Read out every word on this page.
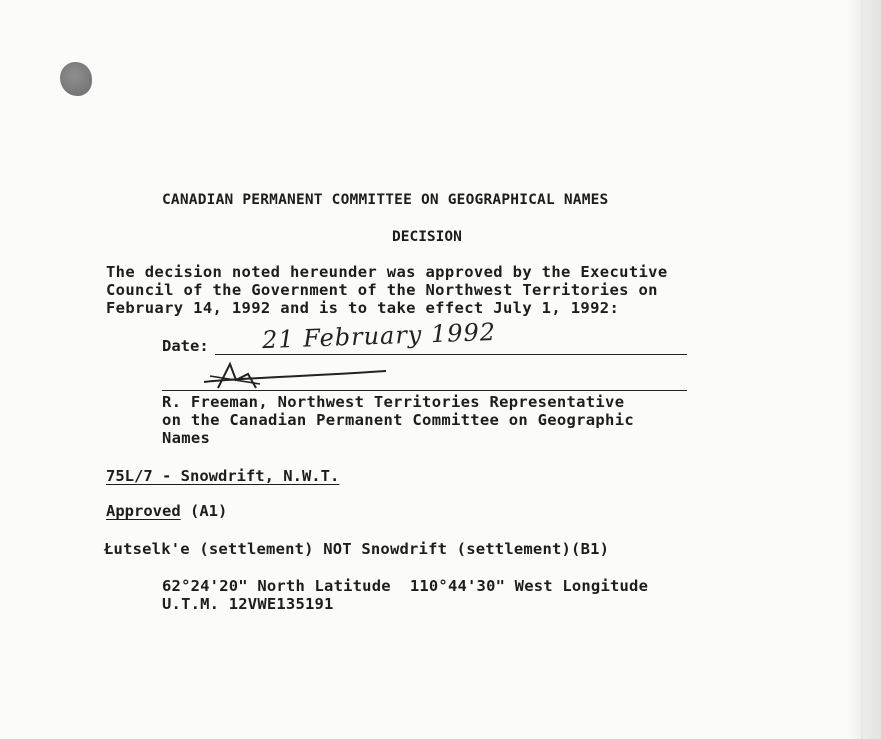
CANADIAN PERMANENT COMMITTEE ON GEOGRAPHICAL NAMES
DECISION
The decision noted hereunder was approved by the Executive
Council of the Government of the Northwest Territories on
February 14, 1992 and is to take effect July 1, 1992:
Date: 21 February 1992
R. Freeman, Northwest Territories Representative
on the Canadian Permanent Committee on Geographic
Names
75L/7 - Snowdrift, N.W.T.
Approved (A1)
Łutselk'e (settlement) NOT Snowdrift (settlement)(B1)
62°24'20" North Latitude  110°44'30" West Longitude
U.T.M. 12VWE135191
